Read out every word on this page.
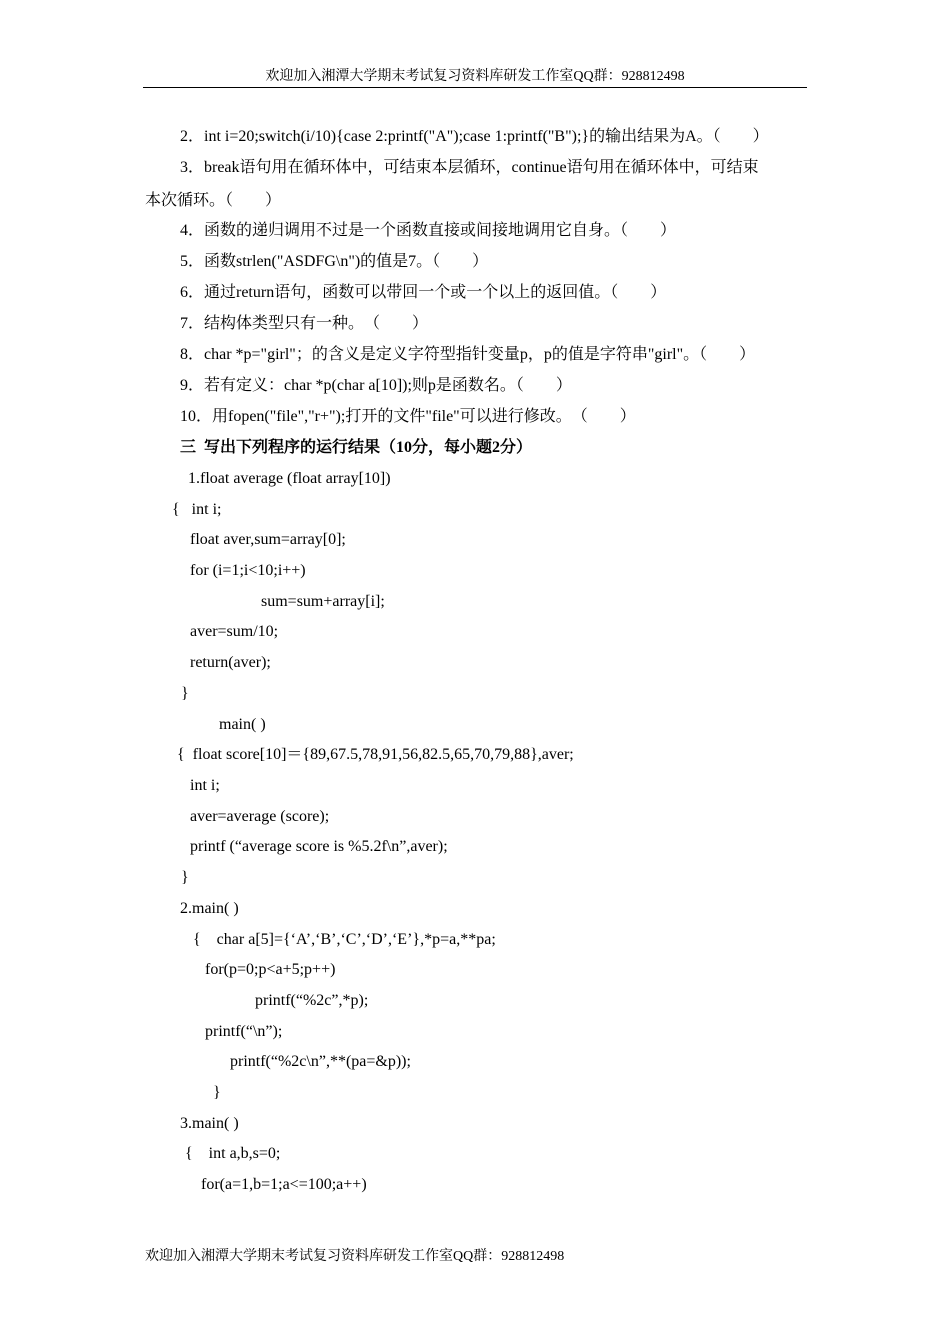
欢迎加入湘潭大学期末考试复习资料库研发工作室QQ群：928812498
2．int i=20;switch(i/10){case 2:printf("A");case 1:printf("B");}的输出结果为A。（　　）
3．break语句用在循环体中，可结束本层循环，continue语句用在循环体中，可结束
本次循环。（　　）
4．函数的递归调用不过是一个函数直接或间接地调用它自身。（　　）
5．函数strlen("ASDFG\n")的值是7。（　　）
6．通过return语句，函数可以带回一个或一个以上的返回值。（　　）
7．结构体类型只有一种。　（　　）
8．char *p="girl"；的含义是定义字符型指针变量p，p的值是字符串"girl"。（　　）
9．若有定义：char *p(char a[10]);则p是函数名。（　　）
10．用fopen("file","r+");打开的文件"file"可以进行修改。　（　　）
三  写出下列程序的运行结果（10分，每小题2分）
1.float average (float array[10])
{   int i;
float aver,sum=array[0];
for (i=1;i<10;i++)
sum=sum+array[i];
aver=sum/10;
return(aver);
}
main( )
{  float score[10]＝{89,67.5,78,91,56,82.5,65,70,79,88},aver;
int i;
aver=average (score);
printf (“average score is %5.2f\n”,aver);
}
2.main( )
{    char a[5]={‘A’,‘B’,‘C’,‘D’,‘E’},*p=a,**pa;
for(p=0;p<a+5;p++)
printf(“%2c”,*p);
printf(“\n”);
printf(“%2c\n”,**(pa=&p));
}
3.main( )
{    int a,b,s=0;
for(a=1,b=1;a<=100;a++)
欢迎加入湘潭大学期末考试复习资料库研发工作室QQ群：928812498
